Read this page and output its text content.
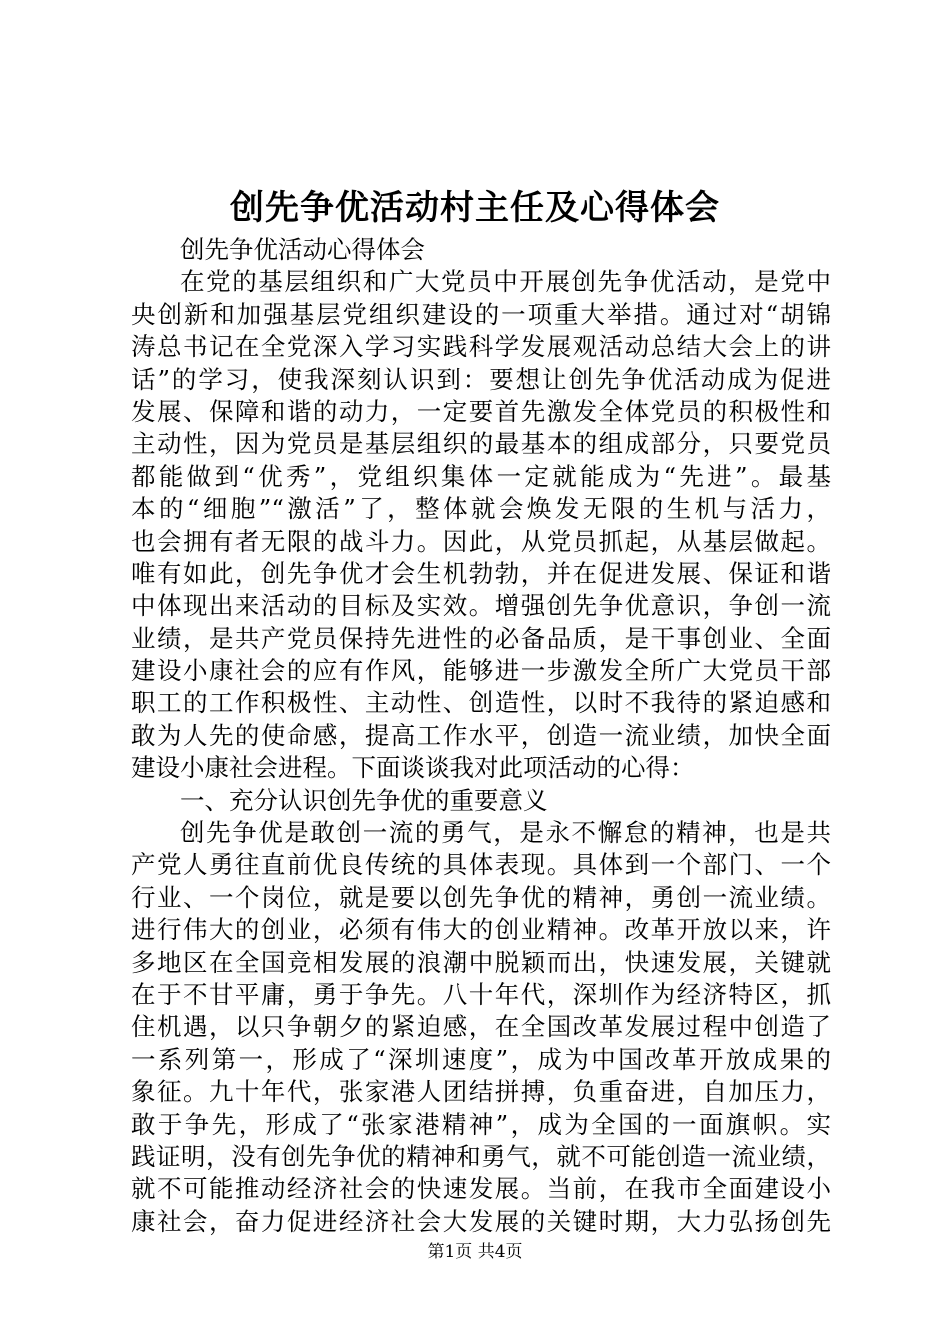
创先争优活动村主任及心得体会
创先争优活动心得体会
在党的基层组织和广大党员中开展创先争优活动，是党中
央创新和加强基层党组织建设的一项重大举措。通过对“胡锦
涛总书记在全党深入学习实践科学发展观活动总结大会上的讲
话”的学习，使我深刻认识到：要想让创先争优活动成为促进
发展、保障和谐的动力，一定要首先激发全体党员的积极性和
主动性，因为党员是基层组织的最基本的组成部分，只要党员
都能做到“优秀”，党组织集体一定就能成为“先进”。最基
本的“细胞”“激活”了，整体就会焕发无限的生机与活力，
也会拥有者无限的战斗力。因此，从党员抓起，从基层做起。
唯有如此，创先争优才会生机勃勃，并在促进发展、保证和谐
中体现出来活动的目标及实效。增强创先争优意识，争创一流
业绩，是共产党员保持先进性的必备品质，是干事创业、全面
建设小康社会的应有作风，能够进一步激发全所广大党员干部
职工的工作积极性、主动性、创造性，以时不我待的紧迫感和
敢为人先的使命感，提高工作水平，创造一流业绩，加快全面
建设小康社会进程。下面谈谈我对此项活动的心得：
一、充分认识创先争优的重要意义
创先争优是敢创一流的勇气，是永不懈怠的精神，也是共
产党人勇往直前优良传统的具体表现。具体到一个部门、一个
行业、一个岗位，就是要以创先争优的精神，勇创一流业绩。
进行伟大的创业，必须有伟大的创业精神。改革开放以来，许
多地区在全国竞相发展的浪潮中脱颖而出，快速发展，关键就
在于不甘平庸，勇于争先。八十年代，深圳作为经济特区，抓
住机遇，以只争朝夕的紧迫感，在全国改革发展过程中创造了
一系列第一，形成了“深圳速度”，成为中国改革开放成果的
象征。九十年代，张家港人团结拼搏，负重奋进，自加压力，
敢于争先，形成了“张家港精神”，成为全国的一面旗帜。实
践证明，没有创先争优的精神和勇气，就不可能创造一流业绩，
就不可能推动经济社会的快速发展。当前，在我市全面建设小
康社会，奋力促进经济社会大发展的关键时期，大力弘扬创先
第1页 共4页
